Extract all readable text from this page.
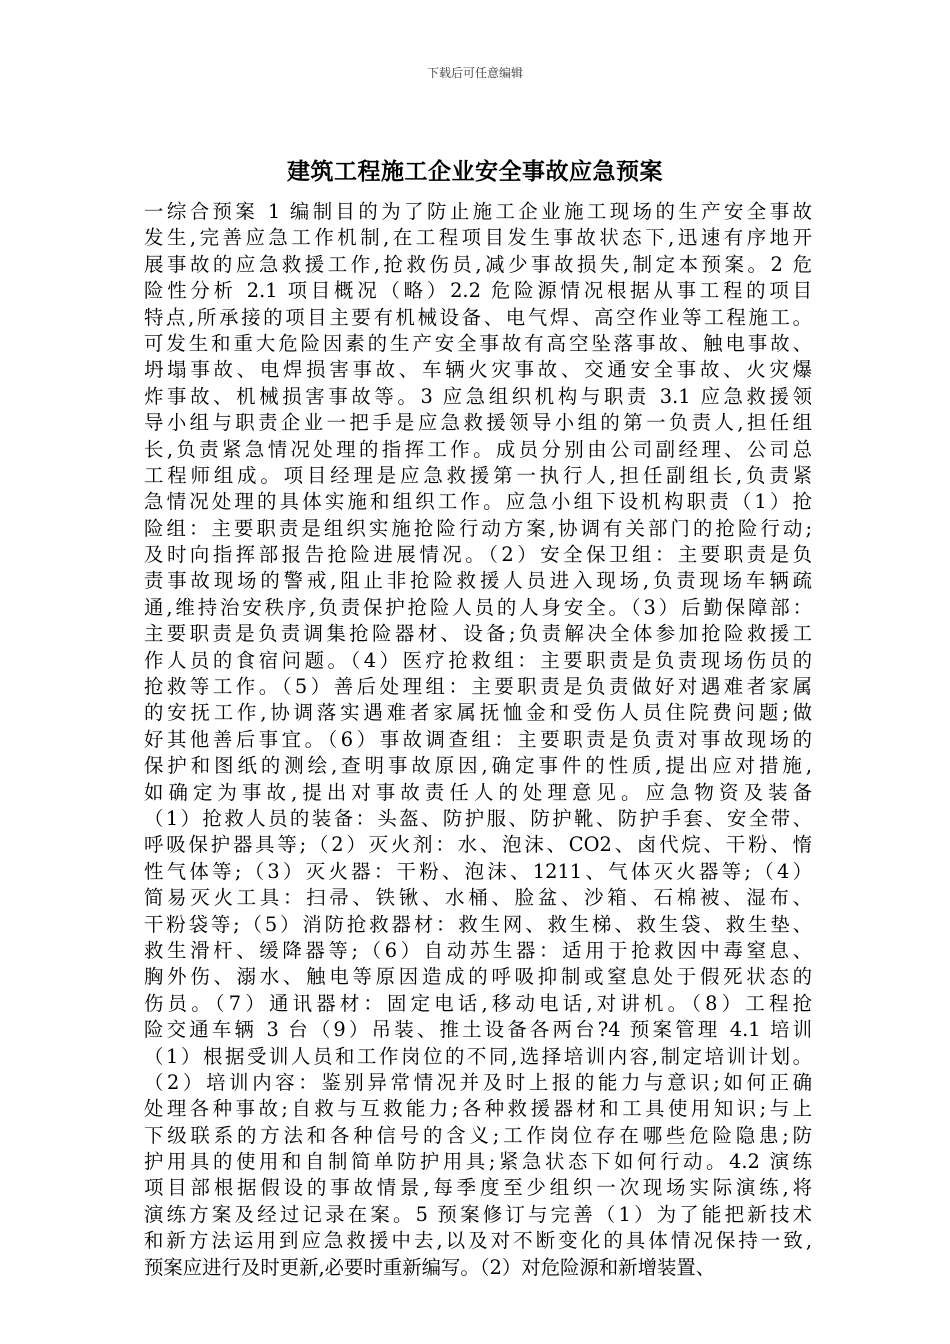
下载后可任意编辑
建筑工程施工企业安全事故应急预案
一综合预案 1 编制目的为了防止施工企业施工现场的生产安全事故
发生,完善应急工作机制,在工程项目发生事故状态下,迅速有序地开
展事故的应急救援工作,抢救伤员,减少事故损失,制定本预案。2 危
险性分析 2.1 项目概况（略）2.2 危险源情况根据从事工程的项目
特点,所承接的项目主要有机械设备、电气焊、高空作业等工程施工。
可发生和重大危险因素的生产安全事故有高空坠落事故、触电事故、
坍塌事故、电焊损害事故、车辆火灾事故、交通安全事故、火灾爆
炸事故、机械损害事故等。3 应急组织机构与职责 3.1 应急救援领
导小组与职责企业一把手是应急救援领导小组的第一负责人,担任组
长,负责紧急情况处理的指挥工作。成员分别由公司副经理、公司总
工程师组成。项目经理是应急救援第一执行人,担任副组长,负责紧
急情况处理的具体实施和组织工作。应急小组下设机构职责（1）抢
险组：主要职责是组织实施抢险行动方案,协调有关部门的抢险行动;
及时向指挥部报告抢险进展情况。（2）安全保卫组：主要职责是负
责事故现场的警戒,阻止非抢险救援人员进入现场,负责现场车辆疏
通,维持治安秩序,负责保护抢险人员的人身安全。（3）后勤保障部：
主要职责是负责调集抢险器材、设备;负责解决全体参加抢险救援工
作人员的食宿问题。（4）医疗抢救组：主要职责是负责现场伤员的
抢救等工作。（5）善后处理组：主要职责是负责做好对遇难者家属
的安抚工作,协调落实遇难者家属抚恤金和受伤人员住院费问题;做
好其他善后事宜。（6）事故调查组：主要职责是负责对事故现场的
保护和图纸的测绘,查明事故原因,确定事件的性质,提出应对措施,
如确定为事故,提出对事故责任人的处理意见。应急物资及装备
（1）抢救人员的装备：头盔、防护服、防护靴、防护手套、安全带、
呼吸保护器具等;（2）灭火剂：水、泡沫、CO2、卤代烷、干粉、惰
性气体等;（3）灭火器：干粉、泡沫、1211、气体灭火器等;（4）
简易灭火工具：扫帚、铁锹、水桶、脸盆、沙箱、石棉被、湿布、
干粉袋等;（5）消防抢救器材：救生网、救生梯、救生袋、救生垫、
救生滑杆、缓降器等;（6）自动苏生器：适用于抢救因中毒窒息、
胸外伤、溺水、触电等原因造成的呼吸抑制或窒息处于假死状态的
伤员。（7）通讯器材：固定电话,移动电话,对讲机。（8）工程抢
险交通车辆 3 台（9）吊装、推土设备各两台?4 预案管理 4.1 培训
（1）根据受训人员和工作岗位的不同,选择培训内容,制定培训计划。
（2）培训内容：鉴别异常情况并及时上报的能力与意识;如何正确
处理各种事故;自救与互救能力;各种救援器材和工具使用知识;与上
下级联系的方法和各种信号的含义;工作岗位存在哪些危险隐患;防
护用具的使用和自制简单防护用具;紧急状态下如何行动。4.2 演练
项目部根据假设的事故情景,每季度至少组织一次现场实际演练,将
演练方案及经过记录在案。5 预案修订与完善（1）为了能把新技术
和新方法运用到应急救援中去,以及对不断变化的具体情况保持一致,
预案应进行及时更新,必要时重新编写。（2）对危险源和新增装置、
